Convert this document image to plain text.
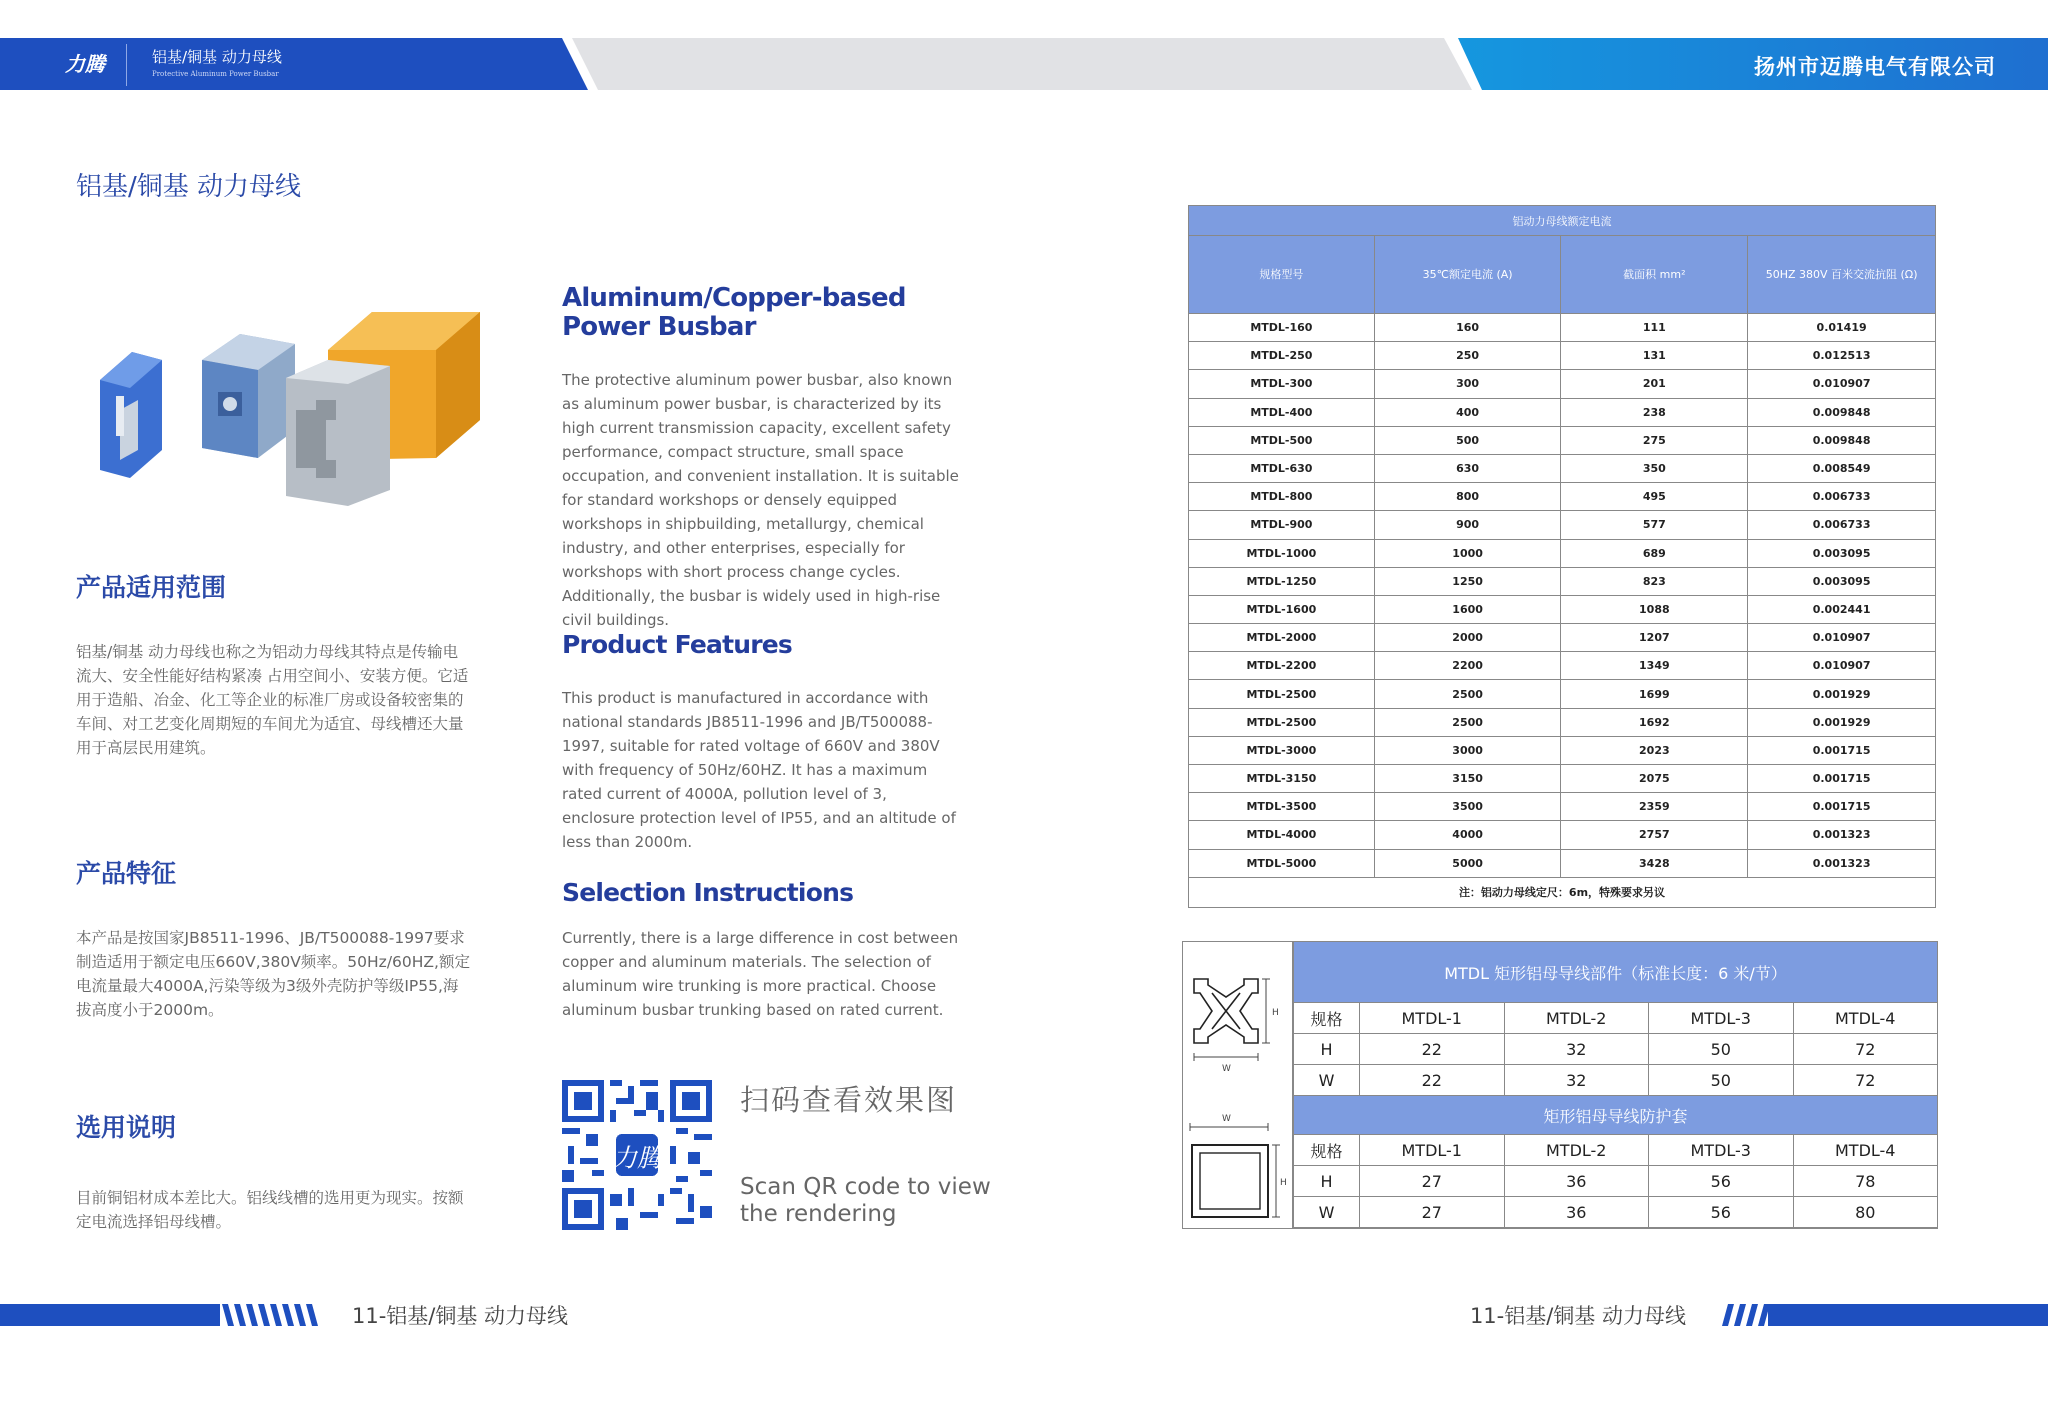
力腾	铝基/铜基 动力母线
Protective Aluminum Power Busbar	扬州市迈腾电气有限公司
铝基/铜基 动力母线
产品适用范围
铝基/铜基 动力母线也称之为铝动力母线其特点是传输电流大、安全性能好结构紧凑 占用空间小、安装方便。它适用于造船、冶金、化工等企业的标准厂房或设备较密集的车间、对工艺变化周期短的车间尤为适宜、母线槽还大量用于高层民用建筑。
产品特征
本产品是按国家JB8511-1996、JB/T500088-1997要求制造适用于额定电压660V,380V频率。50Hz/60HZ,额定电流量最大4000A,污染等级为3级外壳防护等级IP55,海拔高度小于2000m。
选用说明
目前铜铝材成本差比大。铝线线槽的选用更为现实。按额定电流选择铝母线槽。
Aluminum/Copper-based Power Busbar
The protective aluminum power busbar, also known as aluminum power busbar, is characterized by its high current transmission capacity, excellent safety performance, compact structure, small space occupation, and convenient installation. It is suitable for standard workshops or densely equipped workshops in shipbuilding, metallurgy, chemical industry, and other enterprises, especially for workshops with short process change cycles. Additionally, the busbar is widely used in high-rise civil buildings.
Product Features
This product is manufactured in accordance with national standards JB8511-1996 and JB/T500088-1997, suitable for rated voltage of 660V and 380V with frequency of 50Hz/60HZ. It has a maximum rated current of 4000A, pollution level of 3, enclosure protection level of IP55, and an altitude of less than 2000m.
Selection Instructions
Currently, there is a large difference in cost between copper and aluminum materials. The selection of aluminum wire trunking is more practical. Choose aluminum busbar trunking based on rated current.
力腾
扫码查看效果图
Scan QR code to view the rendering
铝动力母线额定电流			
规格型号	35℃额定电流 (A)	截面积 mm²	50HZ 380V 百米交流抗阻 (Ω)
MTDL-160	160	111	0.01419
MTDL-250	250	131	0.012513
MTDL-300	300	201	0.010907
MTDL-400	400	238	0.009848
MTDL-500	500	275	0.009848
MTDL-630	630	350	0.008549
MTDL-800	800	495	0.006733
MTDL-900	900	577	0.006733
MTDL-1000	1000	689	0.003095
MTDL-1250	1250	823	0.003095
MTDL-1600	1600	1088	0.002441
MTDL-2000	2000	1207	0.010907
MTDL-2200	2200	1349	0.010907
MTDL-2500	2500	1699	0.001929
MTDL-2500	2500	1692	0.001929
MTDL-3000	3000	2023	0.001715
MTDL-3150	3150	2075	0.001715
MTDL-3500	3500	2359	0.001715
MTDL-4000	4000	2757	0.001323
MTDL-5000	5000	3428	0.001323
注：铝动力母线定尺：6m，特殊要求另议			
H
W
W
H
MTDL 矩形铝母导线部件（标准长度：6 米/节）				
规格	MTDL-1	MTDL-2	MTDL-3	MTDL-4
H	22	32	50	72
W	22	32	50	72
矩形铝母导线防护套				
规格	MTDL-1	MTDL-2	MTDL-3	MTDL-4
H	27	36	56	78
W	27	36	56	80
11-铝基/铜基 动力母线	11-铝基/铜基 动力母线
